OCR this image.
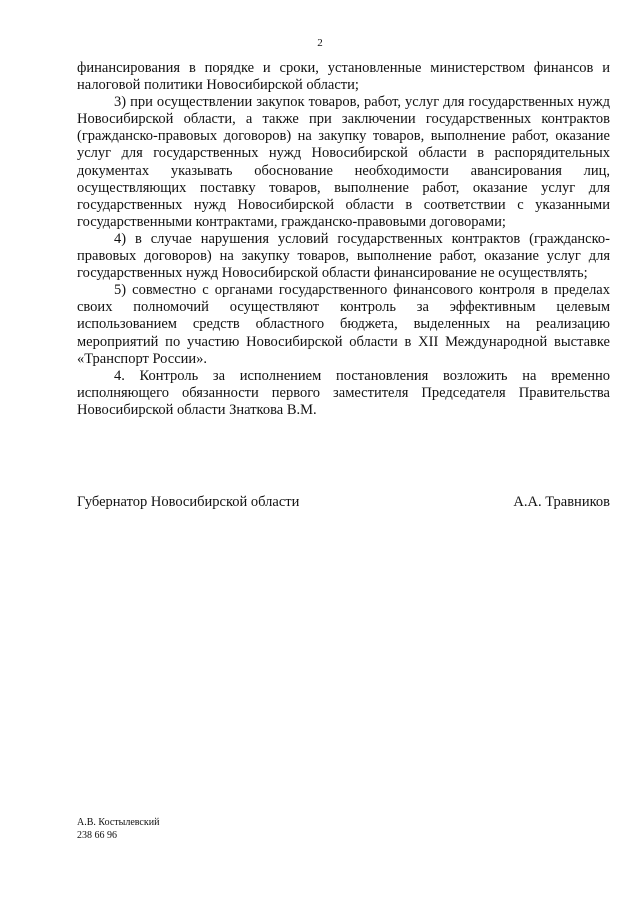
2

финансирования в порядке и сроки, установленные министерством финансов и налоговой политики Новосибирской области;

3) при осуществлении закупок товаров, работ, услуг для государственных нужд Новосибирской области, а также при заключении государственных контрактов (гражданско-правовых договоров) на закупку товаров, выполнение работ, оказание услуг для государственных нужд Новосибирской области в распорядительных документах указывать обоснование необходимости авансирования лиц, осуществляющих поставку товаров, выполнение работ, оказание услуг для государственных нужд Новосибирской области в соответствии с указанными государственными контрактами, гражданско-правовыми договорами;

4) в случае нарушения условий государственных контрактов (гражданско-правовых договоров) на закупку товаров, выполнение работ, оказание услуг для государственных нужд Новосибирской области финансирование не осуществлять;

5) совместно с органами государственного финансового контроля в пределах своих полномочий осуществляют контроль за эффективным целевым использованием средств областного бюджета, выделенных на реализацию мероприятий по участию Новосибирской области в XII Международной выставке «Транспорт России».

4. Контроль за исполнением постановления возложить на временно исполняющего обязанности первого заместителя Председателя Правительства Новосибирской области Знаткова В.М.

Губернатор Новосибирской области	А.А. Травников
А.В. Костылевский
238 66 96
